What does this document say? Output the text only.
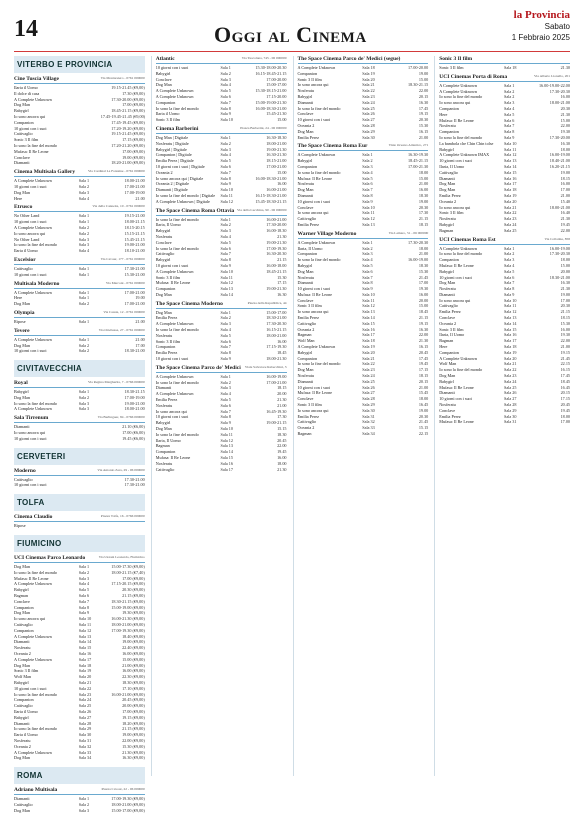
14	Oggi al Cinema
la Provincia
Sabato
1 Febbraio 2025
VITERBO E PROVINCIA
Cine Tuscia Village	Via Montarsiero - 0761 000000
Ilaria il Uomo	19.15-21.45 (€9,00)
Il dolce di casa	17.30 (€9,00)
A Complete Unknown	17.30-20.00 (€9,00)
Dog Man	17.00 (€9,00)
Babygirl	18.45-21.15 (€9,00)
Io sono ancora qui	17.45-19.45-21.45 (€9,00)
Companion	17.45-19.45 (€9,00)
10 giorni con i suoi	17.20-19.20 (€9,00)
Cattivaglio	19.15-21.45 (€9,00)
Sonic 3 Il film	17.15 (€9,00)
Io sono la fine del mondo	17.20-21.20 (€9,00)
Mufasa: Il Re Leone	17.00 (€9,00)
Conclave	19.00 (€9,00)
Diamanti	18.20-21.00 (€9,00)
Cinema Multisala Gallery	Via Cardinal La Fontaine - 0761 000000
A Complete Unknown	Sala 1	18.00-21.00
10 giorni con i suoi	Sala 2	17.00-21.00
Dog Man	Sala 3	17.00-19.00
Here	Sala 4	21.00
Etrusco	Via della Cannetta, 10 - 0761 000000
No Other Land	Sala 1	19.15-21.00
10 giorni con i suoi	Sala 1	18.00-21.15
A Complete Unknown	Sala 2	18.15-20.15
Io sono ancora qui	Sala 2	15.15-21.15
No Other Land	Sala 3	15.45-21.15
Io sono la fine del mondo	Sala 3	19.00-21.00
Ilaria il Uomo	Sala 4	18.10-21.00
Excelsior	Via Cavour, 177 - 0761 000000
Cattivaglio	Sala 1	17.30-21.00
10 giorni con i suoi	Sala 1	15.30-21.00
Multisala Moderno	Via Marconi - 0761 000000
A Complete Unknown	Sala 1	17.00-21.00
Here	Sala 1	19.00
Dog Man	Sala 2	17.00-21.00
Olympia	Via Cassia, 12 - 0761 000000
Ripose	Sala 1	21.00
Tevere	Via Ortebassa, 27 - 0761 000000
A Complete Unknown	Sala 1	21.00
Dog Man	Sala 2	17.00
10 giorni con i suoi	Sala 2	18.30-21.00
CIVITAVECCHIA
Royal	Via Regina Margherita, 7 - 0766 000000
Babygirl	Sala 1	18.30-21.15
Dog Man	Sala 2	17.00-19.00
Io sono la fine del mondo	Sala 3	19.00-21.00
A Complete Unknown	Sala 3	18.00-21.00
Sala Tirrenum	Via Berlinguer, 84 - 0766 000000
Diamanti	21.10 (€6,00)
Io sono ancora qui	17.00 (€6,00)
10 giorni con i suoi	19.45 (€6,00)
CERVETERI
Moderno	Via Antonio Zara, 29 - 06 000000
Cattivaglio	17.30-21.00
10 giorni con i suoi	17.30-21.00
TOLFA
Cinema Claudio	Piazza Tolfa, 16 - 0766 000000
Ripose
FIUMICINO
UCI Cinemas Parco Leonardo	Via Uzzani Leonardo, Fiumicino
Dog Man	Sala 1	15.00-17.30 (€9,00)
Io sono la fine del mondo	Sala 2	18.00-21.15 (€7,40)
Mufasa: Il Re Leone	Sala 3	17.00 (€9,00)
A Complete Unknown	Sala 4	17.15-20.15 (€9,00)
Babygirl	Sala 5	20.30 (€9,00)
Bagman	Sala 6	21.15 (€9,00)
Conclave	Sala 7	18.30-21.15 (€9,00)
Companion	Sala 8	15.00-19.00 (€9,00)
Dog Man	Sala 9	19.30 (€9,00)
Io sono ancora qui	Sala 10	16.00-21.30 (€9,00)
Cattivaglio	Sala 11	18.00-21.00 (€9,00)
Companion	Sala 12	17.00-19.30 (€9,00)
A Complete Unknown	Sala 13	18.40 (€9,00)
Diamanti	Sala 14	19.00 (€9,00)
Nosferatu	Sala 15	22.40 (€9,00)
Oceania 2	Sala 16	16.00 (€9,00)
A Complete Unknown	Sala 17	15.00 (€9,00)
Dog Man	Sala 18	21.00 (€9,00)
Sonic 3 Il film	Sala 19	16.00 (€9,00)
Wolf Man	Sala 20	22.30 (€9,00)
Babygirl	Sala 21	18.30 (€9,00)
10 giorni con i suoi	Sala 22	17.10 (€9,00)
Io sono la fine del mondo	Sala 23	16.00-21.00 (€9,00)
Companion	Sala 24	20.45 (€9,00)
Cattivaglio	Sala 25	20.00 (€9,00)
Ilaria il Uomo	Sala 26	17.00 (€9,00)
Babygirl	Sala 27	19.15 (€9,00)
Diamanti	Sala 28	18.20 (€9,00)
Io sono la fine del mondo	Sala 29	21.15 (€9,00)
Ilaria il Uomo	Sala 30	19.00 (€9,00)
Nosferatu	Sala 31	22.00 (€9,00)
Oceania 2	Sala 32	15.30 (€9,00)
A Complete Unknown	Sala 33	21.30 (€9,00)
Dog Man	Sala 34	16.30 (€9,00)
ROMA
Adriano Multisala	Piazza Cavour, 22 - 06 000000
Diamanti	Sala 1	17.00-19.30 (€9,00)
Cattivaglio	Sala 2	18.00-21.00 (€9,00)
Dog Man	Sala 3	15.00-17.00 (€9,00)
Atlantic	Via Tuscolana, 745 - 06 000000
10 giorni con i suoi	Sala 1	15.30-18.00-20.30
Babygirl	Sala 2	16.15-18.45-21.15
Conclave	Sala 3	17.00-20.00
Dog Man	Sala 4	15.00-17.00
A Complete Unknown	Sala 5	15.30-18.15-21.00
A Complete Unknown	Sala 6	17.15-20.00
Companion	Sala 7	15.00-19.00-21.30
Io sono la fine del mondo	Sala 8	16.00-18.30-21.00
Ilaria il Uomo	Sala 9	15.45-21.30
Sonic 3 Il film	Sala 10	15.00
Cinema Barberini	Piazza Barberini, 24 - 06 000000
Dog Man | Digitale	Sala 1	16.30-18.30
Nosferatu | Digitale	Sala 2	18.00-21.00
Babygirl | Digitale	Sala 3	19.00-21.30
Companion | Digitale	Sala 4	16.30-21.30
Emilia Perez | Digitale	Sala 5	18.15-21.00
10 giorni con i suoi | Digitale	Sala 6	17.00-21.00
Oceania 2	Sala 7	15.00
Io sono ancora qui | Digitale	Sala 8	16.00-18.30-21.00
Oceania 2 | Digitale	Sala 9	16.00
Diamanti | Digitale	Sala 10	16.00-21.00
Io sono la fine del mondo | Digitale	Sala 11	16.15-18.30-21.00
A Complete Unknown | Digitale	Sala 12	15.45-18.30-21.15
The Space Cinema Roma Ottavia Via della Lucchina, 90 - 06 000000
Io sono la fine del mondo	Sala 1	16.00-21.00
Ilaria, Il Uomo	Sala 2	17.30-20.00
Babygirl	Sala 3	16.00-18.30
Nosferatu	Sala 4	21.30
Conclave	Sala 5	19.00-21.30
Io sono la fine del mondo	Sala 6	17.00-19.30
Cattivaglio	Sala 7	16.30-20.30
Babygirl	Sala 8	21.15
10 giorni con i suoi	Sala 9	16.00-18.00
A Complete Unknown	Sala 10	18.45-21.15
Sonic 3 Il film	Sala 11	15.30
Mufasa: Il Re Leone	Sala 12	17.15
Companion	Sala 13	19.00-21.30
Dog Man	Sala 14	16.30
The Space Cinema Moderno	Piazza della Repubblica, 44
Dog Man	Sala 1	15.00-17.00
Emilia Perez	Sala 2	18.30-21.00
A Complete Unknown	Sala 3	17.30-20.30
Io sono la fine del mondo	Sala 4	16.15-21.15
Nosferatu	Sala 5	18.00-21.00
Sonic 3 Il film	Sala 6	16.00
Companion	Sala 7	17.15-19.30
Emilia Perez	Sala 8	18.45
10 giorni con i suoi	Sala 9	18.00-21.30
The Space Cinema Parco de' Medici Viale Salvatore Rebecchini, 3
A Complete Unknown	Sala 1	16.00-19.00
Io sono la fine del mondo	Sala 2	17.00-21.00
Diamanti	Sala 3	18.15
A Complete Unknown	Sala 4	20.00
Emilia Perez	Sala 5	21.30
Nosferatu	Sala 6	21.00
Io sono ancora qui	Sala 7	16.45-19.30
10 giorni con i suoi	Sala 8	17.30
Babygirl	Sala 9	19.00-21.15
Dog Man	Sala 10	15.15
Io sono la fine del mondo	Sala 11	18.30
Ilaria, Il Uomo	Sala 12	20.45
Bagman	Sala 13	22.00
Companion	Sala 14	19.45
Mufasa: Il Re Leone	Sala 15	16.00
Nosferatu	Sala 16	18.00
Cattivaglio	Sala 17	21.30
The Space Cinema Parco de' Medici (segue)
A Complete Unknown	Sala 18	17.00-20.00
Companion	Sala 19	19.00
Sonic 3 Il film	Sala 20	15.00
Io sono ancora qui	Sala 21	18.30-21.15
Nosferatu	Sala 22	22.00
Babygirl	Sala 23	20.15
Diamanti	Sala 24	16.30
Io sono la fine del mondo	Sala 25	17.45
Conclave	Sala 26	19.15
10 giorni con i suoi	Sala 27	20.30
Oceania 2	Sala 28	15.30
Dog Man	Sala 29	16.15
Emilia Perez	Sala 30	21.00
The Space Cinema Roma Eur	Viale Oceano Atlantico, 271
A Complete Unknown	Sala 1	16.30-19.30
Babygirl	Sala 2	18.45-21.15
Companion	Sala 3	17.00-21.30
Io sono la fine del mondo	Sala 4	18.00
Mufasa: Il Re Leone	Sala 5	15.00
Nosferatu	Sala 6	21.00
Dog Man	Sala 7	16.00
Diamanti	Sala 8	18.30
10 giorni con i suoi	Sala 9	19.00
Conclave	Sala 10	20.30
Io sono ancora qui	Sala 11	17.30
Cattivaglio	Sala 12	21.15
Emilia Perez	Sala 13	18.15
Warner Village Moderno	Via Lamaro, 51 - 06 000000
A Complete Unknown	Sala 1	17.30-20.30
Ilaria, Il Uomo	Sala 2	18.00
Companion	Sala 3	21.00
Io sono la fine del mondo	Sala 4	16.00-19.00
Babygirl	Sala 5	18.30
Dog Man	Sala 6	15.30
Nosferatu	Sala 7	21.45
Diamanti	Sala 8	17.00
10 giorni con i suoi	Sala 9	19.30
Mufasa: Il Re Leone	Sala 10	16.00
Conclave	Sala 11	20.00
Sonic 3 Il film	Sala 12	15.00
Io sono ancora qui	Sala 13	18.45
Emilia Perez	Sala 14	21.15
Cattivaglio	Sala 15	19.15
Oceania 2	Sala 16	16.30
Bagman	Sala 17	22.00
Wolf Man	Sala 18	21.30
A Complete Unknown	Sala 19	16.15
Babygirl	Sala 20	20.45
Companion	Sala 21	17.45
Io sono la fine del mondo	Sala 22	19.45
Dog Man	Sala 23	17.15
Nosferatu	Sala 24	18.15
Diamanti	Sala 25	20.15
10 giorni con i suoi	Sala 26	21.00
Mufasa: Il Re Leone	Sala 27	15.45
Conclave	Sala 28	18.00
Sonic 3 Il film	Sala 29	16.45
Io sono ancora qui	Sala 30	19.00
Emilia Perez	Sala 31	20.30
Cattivaglio	Sala 32	21.45
Oceania 2	Sala 33	15.15
Bagman	Sala 34	22.15
Sonic 3 Il film
Sonic 3 Il film	Sala 18	21.30
UCI Cinemas Porta di Roma	Via Alberto Lionello, 201
A Complete Unknown	Sala 1	16.00-19.00-22.00
A Complete Unknown	Sala 2	17.30-20.30
Io sono la fine del mondo	Sala 2	16.00
Io sono ancora qui	Sala 3	18.00-21.00
Companion	Sala 4	20.30
Here	Sala 5	21.30
Mufasa: Il Re Leone	Sala 6	15.00
Nosferatu	Sala 7	22.00
Companion	Sala 8	19.30
Io sono la fine del mondo	Sala 9	17.30-20.00
La bambola che Chin Chin tolse	Sala 10	16.30
Babygirl	Sala 11	18.00
A Complete Unknown IMAX	Sala 12	16.00-19.00
10 giorni con i suoi	Sala 13	18.40-21.00
Ilaria, Il Uomo	Sala 14	16.20-21.15
Cattivaglio	Sala 15	19.00
Diamanti	Sala 16	18.15
Dog Man	Sala 17	16.00
Dog Man	Sala 18	17.00
Emilia Perez	Sala 19	21.00
Oceania 2	Sala 20	15.40
Io sono ancora qui	Sala 21	18.00-21.00
Sonic 3 Il film	Sala 22	16.40
Nosferatu	Sala 23	21.30
Babygirl	Sala 24	19.45
Bagman	Sala 25	22.00
UCI Cinemas Roma Est	Via Collatina, 858
A Complete Unknown	Sala 1	16.00-19.00
Io sono la fine del mondo	Sala 2	17.30-20.30
Companion	Sala 3	18.00
Mufasa: Il Re Leone	Sala 4	15.00
Babygirl	Sala 5	20.00
10 giorni con i suoi	Sala 6	18.30-21.00
Dog Man	Sala 7	16.30
Nosferatu	Sala 8	21.30
Diamanti	Sala 9	19.00
Io sono ancora qui	Sala 10	17.00
Cattivaglio	Sala 11	20.30
Emilia Perez	Sala 12	21.15
Conclave	Sala 13	18.15
Oceania 2	Sala 14	15.30
Sonic 3 Il film	Sala 15	16.00
Ilaria, Il Uomo	Sala 16	19.30
Bagman	Sala 17	22.00
Here	Sala 18	21.00
Companion	Sala 19	19.15
A Complete Unknown	Sala 20	21.45
Wolf Man	Sala 21	22.15
Io sono la fine del mondo	Sala 22	16.15
Dog Man	Sala 23	17.45
Babygirl	Sala 24	18.45
Mufasa: Il Re Leone	Sala 25	16.45
Diamanti	Sala 26	20.15
10 giorni con i suoi	Sala 27	17.15
Nosferatu	Sala 28	20.45
Conclave	Sala 29	19.45
Emilia Perez	Sala 30	18.00
Mufasa: Il Re Leone	Sala 31	17.00
